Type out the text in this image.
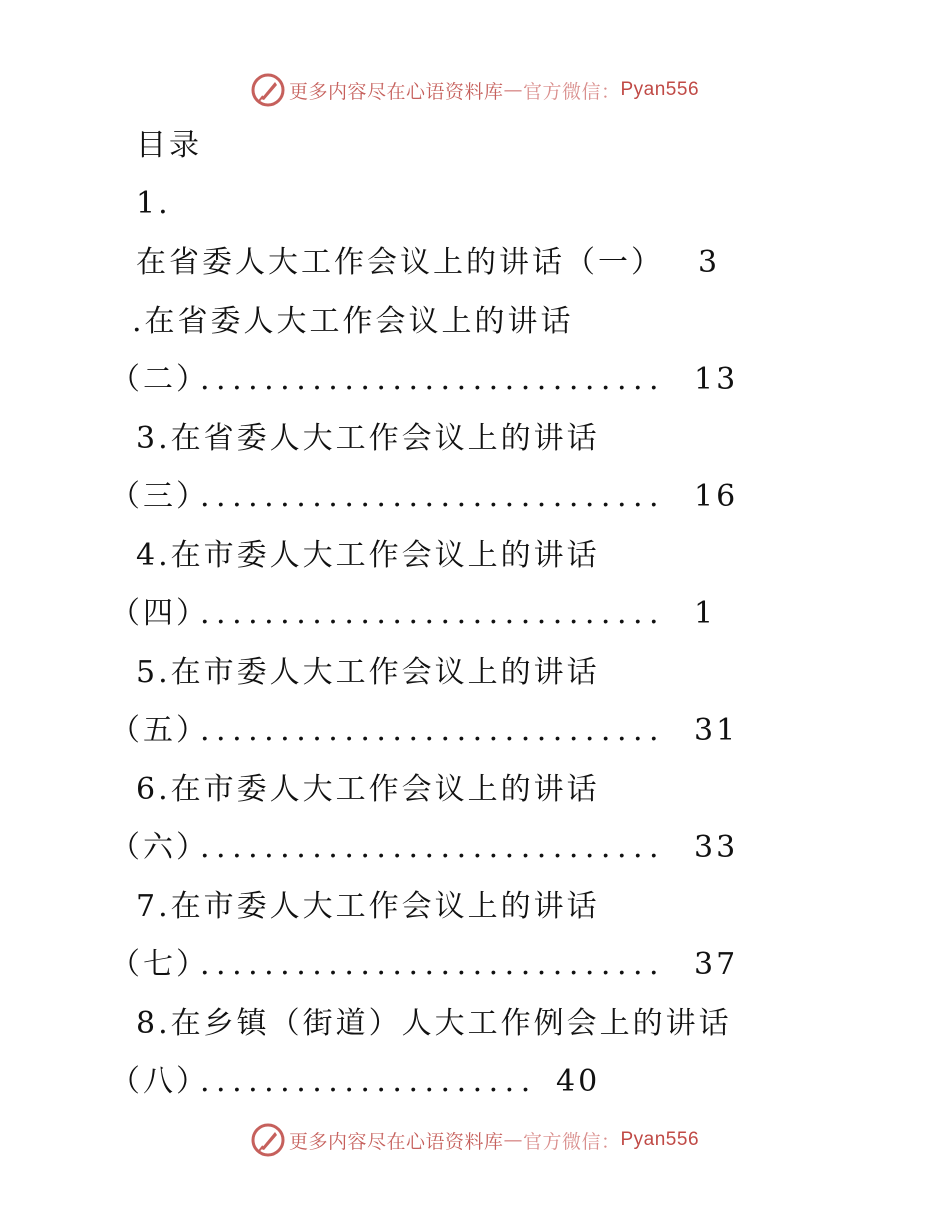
更多内容尽在心语资料库 — 官方微信： Pyan556
目录
1.
在省委人大工作会议上的讲话（一） 3
.在省委人大工作会议上的讲话
（二）
............................. 13
3.在省委人大工作会议上的讲话
（三）
............................. 16
4.在市委人大工作会议上的讲话
（四）
............................. 1
5.在市委人大工作会议上的讲话
（五）
............................. 31
6.在市委人大工作会议上的讲话
（六）
............................. 33
7.在市委人大工作会议上的讲话
（七）
............................. 37
8.在乡镇（街道）人大工作例会上的讲话
（八）
..................... 40
更多内容尽在心语资料库 — 官方微信： Pyan556
